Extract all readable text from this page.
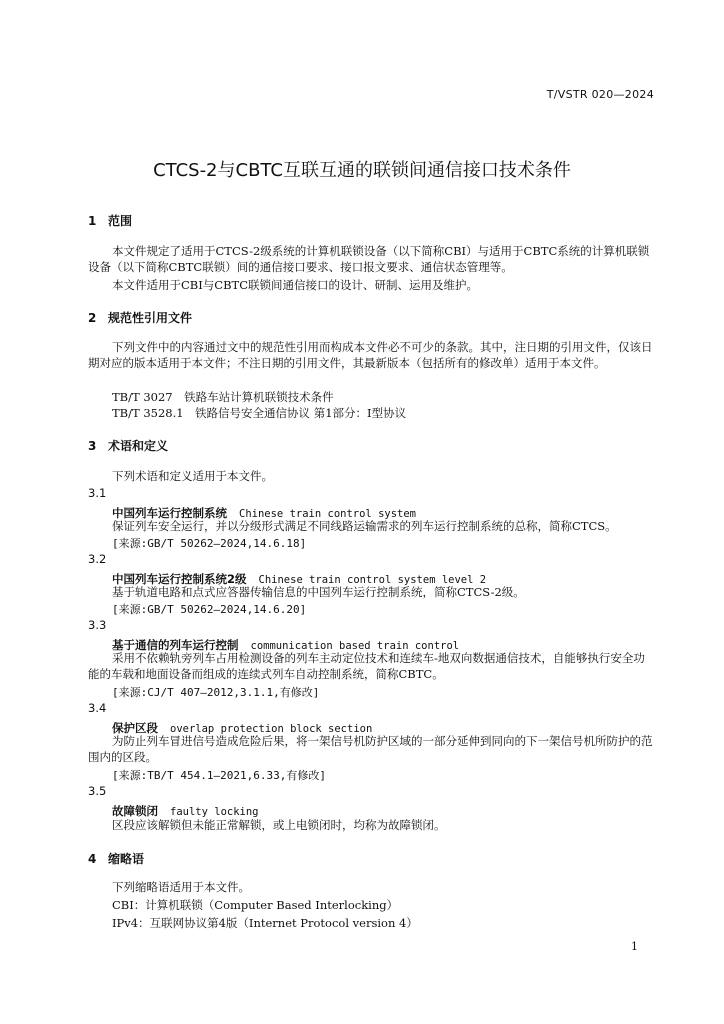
T/VSTR 020—2024
CTCS-2与CBTC互联互通的联锁间通信接口技术条件
1 范围
本文件规定了适用于CTCS-2级系统的计算机联锁设备（以下简称CBI）与适用于CBTC系统的计算机联锁设备（以下简称CBTC联锁）间的通信接口要求、接口报文要求、通信状态管理等。
本文件适用于CBI与CBTC联锁间通信接口的设计、研制、运用及维护。
2 规范性引用文件
下列文件中的内容通过文中的规范性引用而构成本文件必不可少的条款。其中，注日期的引用文件，仅该日期对应的版本适用于本文件；不注日期的引用文件，其最新版本（包括所有的修改单）适用于本文件。
TB/T 3027　铁路车站计算机联锁技术条件
TB/T 3528.1　铁路信号安全通信协议 第1部分：I型协议
3 术语和定义
下列术语和定义适用于本文件。
3.1
中国列车运行控制系统 Chinese train control system
保证列车安全运行，并以分级形式满足不同线路运输需求的列车运行控制系统的总称，简称CTCS。
[来源:GB/T 50262—2024,14.6.18]
3.2
中国列车运行控制系统2级 Chinese train control system level 2
基于轨道电路和点式应答器传输信息的中国列车运行控制系统，简称CTCS-2级。
[来源:GB/T 50262—2024,14.6.20]
3.3
基于通信的列车运行控制 communication based train control
采用不依赖轨旁列车占用检测设备的列车主动定位技术和连续车-地双向数据通信技术，自能够执行安全功能的车载和地面设备而组成的连续式列车自动控制系统，简称CBTC。
[来源:CJ/T 407—2012,3.1.1,有修改]
3.4
保护区段 overlap protection block section
为防止列车冒进信号造成危险后果，将一架信号机防护区域的一部分延伸到同向的下一架信号机所防护的范围内的区段。
[来源:TB/T 454.1—2021,6.33,有修改]
3.5
故障锁闭 faulty locking
区段应该解锁但未能正常解锁，或上电锁闭时，均称为故障锁闭。
4 缩略语
下列缩略语适用于本文件。
CBI：计算机联锁（Computer Based Interlocking）
IPv4：互联网协议第4版（Internet Protocol version 4）
1
